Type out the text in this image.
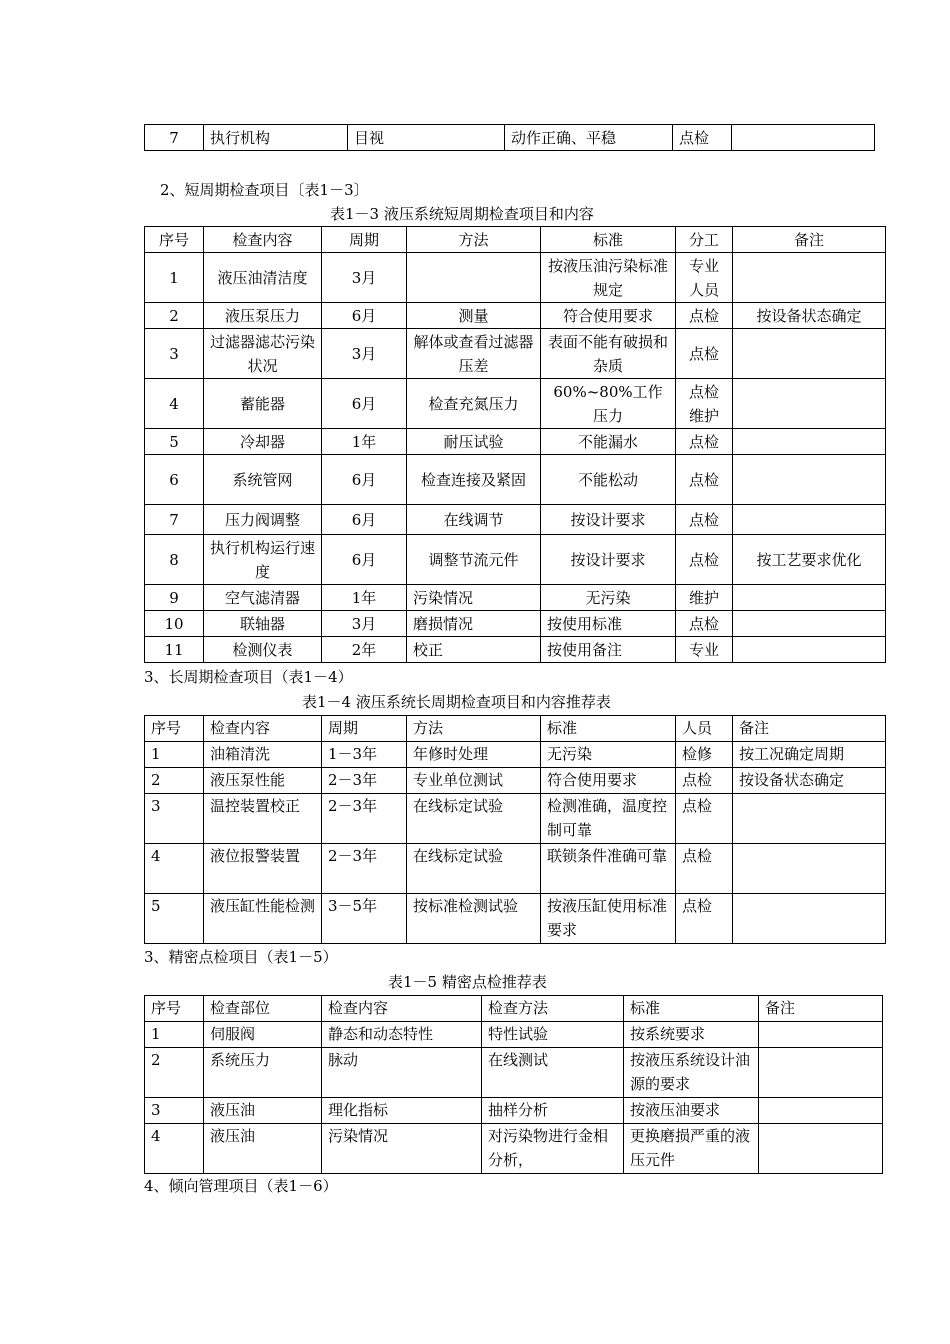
7	执行机构	目视	动作正确、平稳	点检	
2、短周期检查项目〔表1－3〕
表1－3 液压系统短周期检查项目和内容
序号	检查内容	周期	方法	标准	分工	备注
1	液压油清洁度	3月		按液压油污染标准规定	专业人员	
2	液压泵压力	6月	测量	符合使用要求	点检	按设备状态确定
3	过滤器滤芯污染状况	3月	解体或查看过滤器压差	表面不能有破损和杂质	点检	
4	蓄能器	6月	检查充氮压力	60%~80%工作压力	点检维护	
5	冷却器	1年	耐压试验	不能漏水	点检	
6	系统管网	6月	检查连接及紧固	不能松动	点检	
7	压力阀调整	6月	在线调节	按设计要求	点检	
8	执行机构运行速度	6月	调整节流元件	按设计要求	点检	按工艺要求优化
9	空气滤清器	1年	污染情况	无污染	维护	
10	联轴器	3月	磨损情况	按使用标准	点检	
11	检测仪表	2年	校正	按使用备注	专业	
3、长周期检查项目（表1－4）
表1－4 液压系统长周期检查项目和内容推荐表
序号	检查内容	周期	方法	标准	人员	备注
1	油箱清洗	1－3年	年修时处理	无污染	检修	按工况确定周期
2	液压泵性能	2－3年	专业单位测试	符合使用要求	点检	按设备状态确定
3	温控装置校正	2－3年	在线标定试验	检测准确，温度控制可靠	点检	
4	液位报警装置	2－3年	在线标定试验	联锁条件准确可靠	点检	
5	液压缸性能检测	3－5年	按标准检测试验	按液压缸使用标准要求	点检	
3、精密点检项目（表1－5）
表1－5 精密点检推荐表
序号	检查部位	检查内容	检查方法	标准	备注
1	伺服阀	静态和动态特性	特性试验	按系统要求	
2	系统压力	脉动	在线测试	按液压系统设计油源的要求	
3	液压油	理化指标	抽样分析	按液压油要求	
4	液压油	污染情况	对污染物进行金相分析，	更换磨损严重的液压元件	
4、倾向管理项目（表1－6）
